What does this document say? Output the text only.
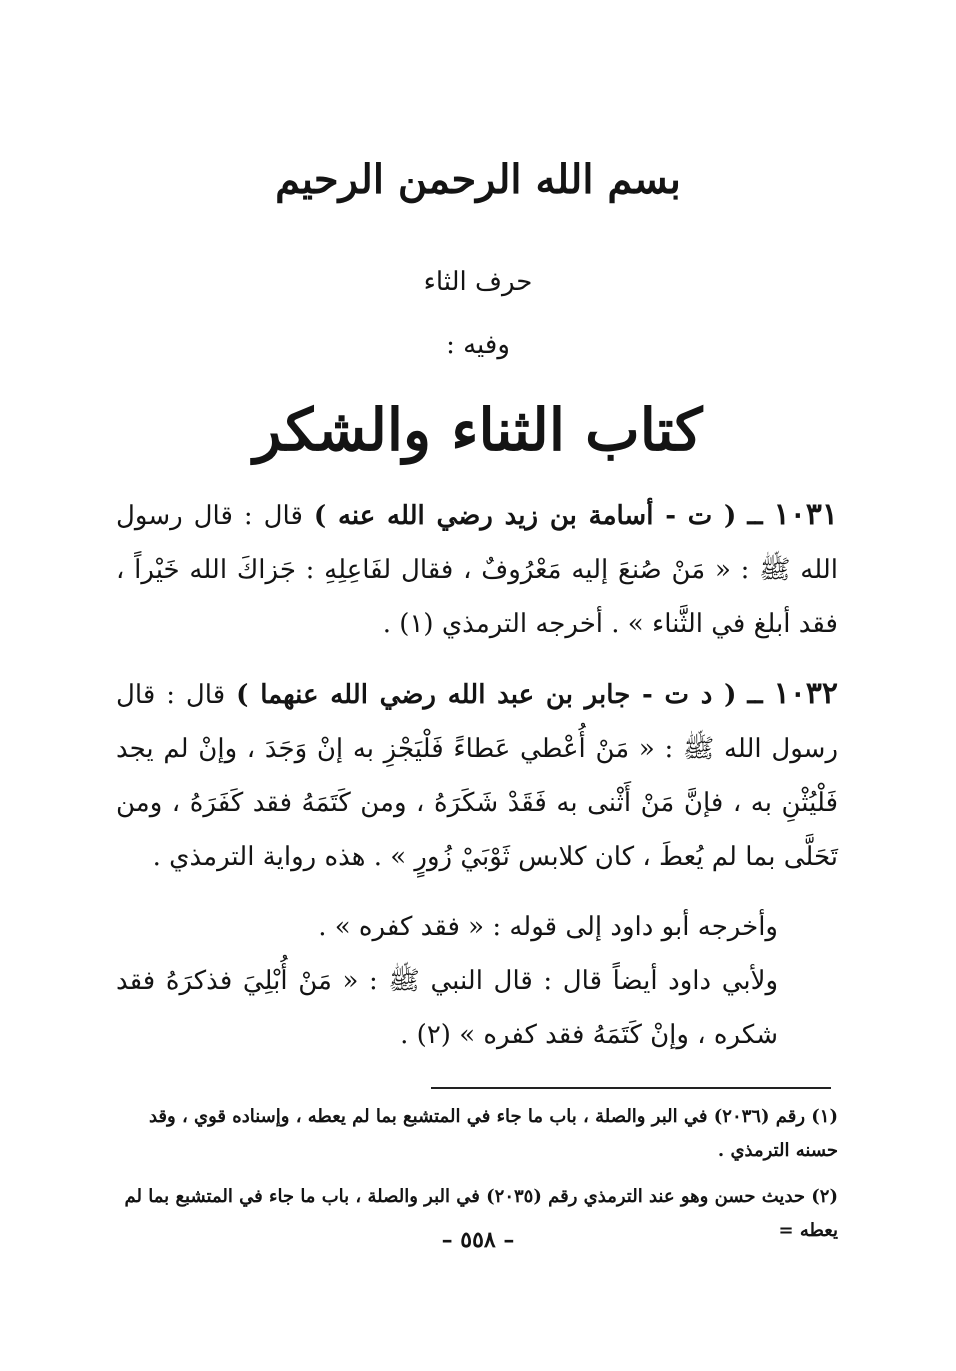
بسم الله الرحمن الرحيم
حرف الثاء
وفيه :
كتاب الثناء والشكر

١٠٣١ ــ ( ت - أسامة بن زيد رضي الله عنه ) قال : قال رسول الله ﷺ : « مَنْ صُنعَ إليه مَعْرُوفٌ ، فقال لفَاعِلِهِ : جَزاكَ الله خَيْراً ، فقد أبلغ في الثَّناء » . أخرجه الترمذي (١) .

١٠٣٢ ــ ( د ت - جابر بن عبد الله رضي الله عنهما ) قال : قال رسول الله ﷺ : « مَنْ أُعْطي عَطاءً فَلْيَجْزِ به إنْ وَجَدَ ، وإنْ لم يجد فَلْيُثْنِ به ، فإنَّ مَنْ أَثْنى به فَقَدْ شَكَرَهُ ، ومن كَتَمَهُ فقد كَفَرَهُ ، ومن تَحَلَّى بما لم يُعطَ ، كان كلابس ثَوْبَيْ زُورٍ » . هذه رواية الترمذي .

وأخرجه أبو داود إلى قوله : « فقد كفره » .

ولأبي داود أيضاً قال : قال النبي ﷺ : « مَنْ أُبْلِيَ فذكرَهُ فقد شكره ، وإنْ كَتَمَهُ فقد كفره » (٢) .

(١) رقم (٢٠٣٦) في البر والصلة ، باب ما جاء في المتشبع بما لم يعطه ، وإسناده قوي ، وقد حسنه الترمذي .

(٢) حديث حسن وهو عند الترمذي رقم (٢٠٣٥) في البر والصلة ، باب ما جاء في المتشبع بما لم يعطه =

– ٥٥٨ –
